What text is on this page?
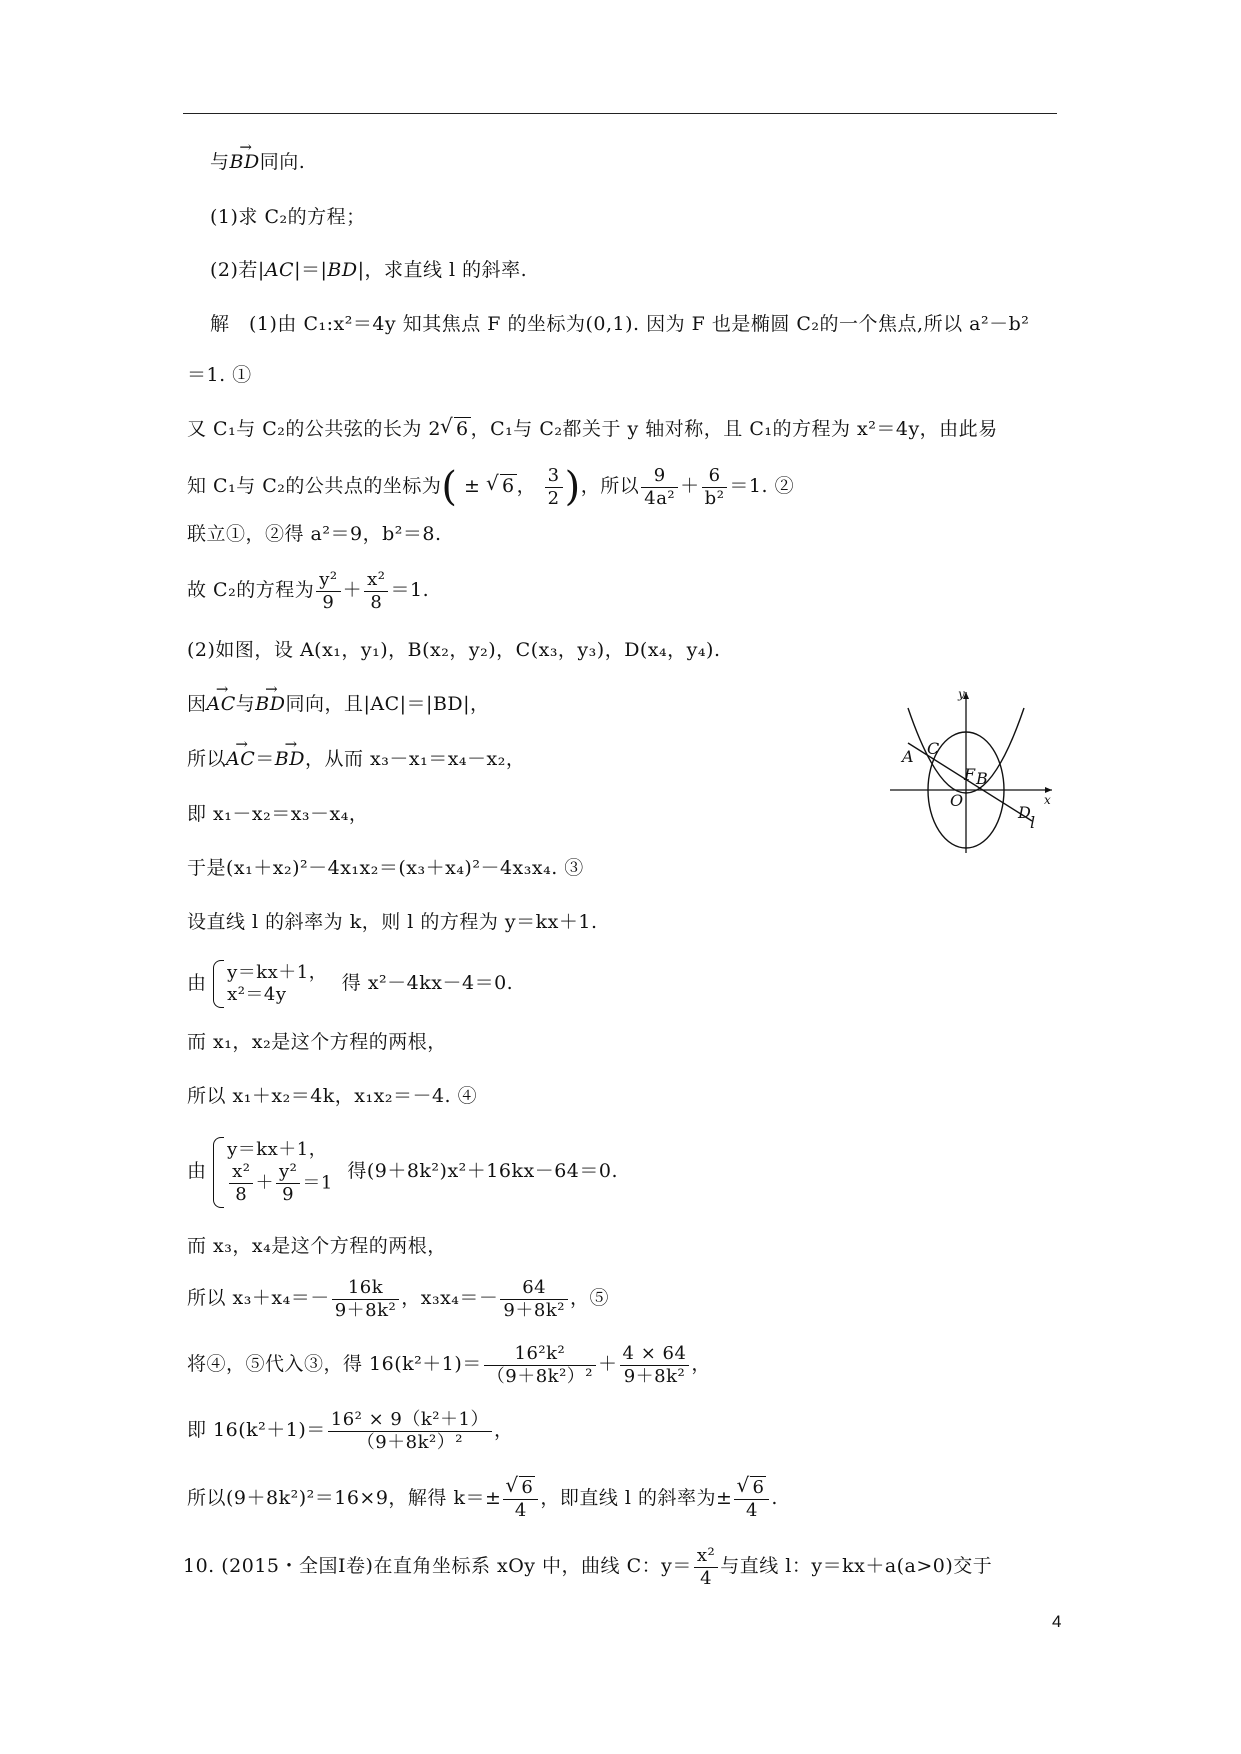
与→ BD同向.
(1)求 C₂的方程；
(2)若|AC|＝|BD|，求直线 l 的斜率.
解　(1)由 C₁:x²＝4y 知其焦点 F 的坐标为(0,1). 因为 F 也是椭圆 C₂的一个焦点,所以 a²－b²
＝1. ①
又 C₁与 C₂的公共弦的长为 2 √ 6 ，C₁与 C₂都关于 y 轴对称，且 C₁的方程为 x²＝4y，由此易
知 C₁与 C₂的公共点的坐标为( ± √ 6 ， $\frac{3}{2}$ )，所以 $\frac{9}{\text{4a²}} + \frac{6}{\text{b²}} =1$. ②
联立①，②得 a²＝9，b²＝8.
故 C₂的方程为 $\frac{\text{y²}}{9} + \frac{\text{x²}}{8} =1$.
(2)如图，设 A(x₁，y₁)，B(x₂，y₂)，C(x₃，y₃)，D(x₄，y₄).
因→ AC与→ BD同向，且|AC|＝|BD|，
所以→ AC＝→ BD，从而 x₃－x₁＝x₄－x₂，
即 x₁－x₂＝x₃－x₄，
于是(x₁＋x₂)²－4x₁x₂＝(x₃＋x₄)²－4x₃x₄. ③
设直线 l 的斜率为 k，则 l 的方程为 y＝kx＋1.
由 y＝kx＋1，
x²＝4y
得 x²－4kx－4＝0.
而 x₁，x₂是这个方程的两根，
所以 x₁＋x₂＝4k，x₁x₂＝－4. ④
由
y＝kx＋1，
$\frac{\text{x²}}{8} + \frac{\text{y²}}{9} =1$
得(9＋8k²)x²＋16kx－64＝0.
而 x₃，x₄是这个方程的两根，
所以 $x_3+x_4=- \frac{16k}{\text{9＋8k²}}$ ，$x_3x_4=- \frac{64}{\text{9＋8k²}}$ ，⑤
将④，⑤代入③，得 $16(k^2+1)= \frac{\text{16²k²}}{\text{（9＋8k²）²}} + \frac{4 \times 64}{\text{9＋8k²}}$ ，
即 $16(k^2+1)= \frac{\text{16² × 9（k²＋1）}}{\text{（9＋8k²）²}}$ ，
所以(9＋8k²)²＝16×9，解得 k＝± √ $\frac{6}{4}$ ，即直线 l 的斜率为± √ $\frac{6}{4}$ .
10. (2015・全国Ⅰ卷)在直角坐标系 xOy 中，曲线 C：$y= \frac{\text{x²}}{4}$ 与直线 l：y＝kx＋a(a>0)交于
y
x
O
A C
F B
D
l
4
